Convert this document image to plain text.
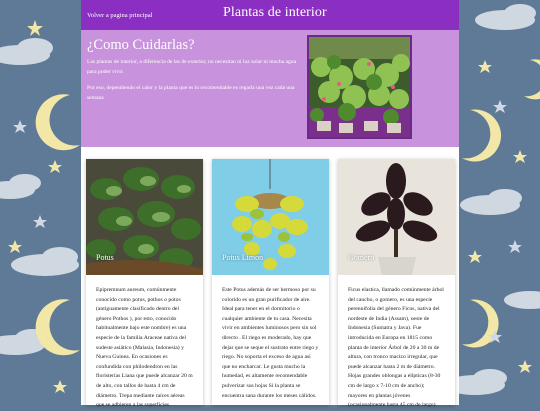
Volver a pagina principal	Plantas de interior
¿Como Cuidarlas?

Las plantas de interior, a diferencia de las de exterior, no necesitan ni luz solar ni mucha agua para poder vivir.

Por eso, dependiendo el calor y la planta que es lo recomendable es regarla una vez cada una semana

Potus
Epipremnum aureum, comúnmente conocido como potus, pothos o potos (antiguamente clasificado dentro del género Pothos ), por esto, conocido habitualmente bajo este nombre) es una especie de la familia Araceae nativa del sudeste asiático (Malasia, Indonesia) y Nueva Guinea. En ocasiones es confundida con philodendron en las floristerías Liana que puede alcanzar 20 m de alto, con tallos de hasta 4 cm de diámetro. Trepa mediante raíces aéreas que se adhieren a las superficies.
Potus Limon
Este Potus además de ser hermoso por su colorido es un gran purificador de aire. Ideal para tener en el dormitorio o cualquier ambiente de tu casa. Necesita vivir en ambientes luminosos pero sin sol directo . El riego es moderado, hay que dejar que se seque el sustrato entre riego y riego. No soporta el exceso de agua así que no encharcar. Le gusta mucho la humedad, es altamente recomendable pulverizar sus hojas Si la planta se encuentra sana durante los meses cálidos.
Gomero
Ficus elastica, llamado comúnmente árbol del caucho, o gomero, es una especie perennifolia del género Ficus, nativa del nordeste de India (Assam), oeste de Indonesia (Sumatra y Java). Fue introducida en Europa en 1815 como planta de interior Árbol de 20 a 30 m de altura, con tronco macizo irregular, que puede alcanzar hasta 2 m de diámetro. Hojas grandes oblongas a elípticas (8-30 cm de largo x 7-10 cm de ancho); mayores en plantas jóvenes (ocasionalmente hasta 45 cm de largo).
